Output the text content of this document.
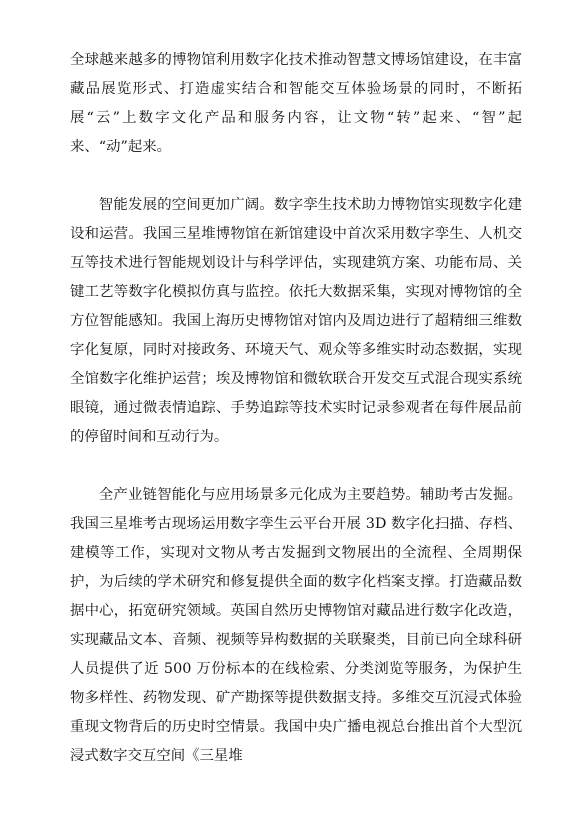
全球越来越多的博物馆利用数字化技术推动智慧文博场馆建设，在丰富藏品展览形式、打造虚实结合和智能交互体验场景的同时，不断拓展“云”上数字文化产品和服务内容，让文物“转”起来、“智”起来、“动”起来。

智能发展的空间更加广阔。数字孪生技术助力博物馆实现数字化建设和运营。我国三星堆博物馆在新馆建设中首次采用数字孪生、人机交互等技术进行智能规划设计与科学评估，实现建筑方案、功能布局、关键工艺等数字化模拟仿真与监控。依托大数据采集，实现对博物馆的全方位智能感知。我国上海历史博物馆对馆内及周边进行了超精细三维数字化复原，同时对接政务、环境天气、观众等多维实时动态数据，实现全馆数字化维护运营；埃及博物馆和微软联合开发交互式混合现实系统眼镜，通过微表情追踪、手势追踪等技术实时记录参观者在每件展品前的停留时间和互动行为。

全产业链智能化与应用场景多元化成为主要趋势。辅助考古发掘。我国三星堆考古现场运用数字孪生云平台开展 3D 数字化扫描、存档、建模等工作，实现对文物从考古发掘到文物展出的全流程、全周期保护，为后续的学术研究和修复提供全面的数字化档案支撑。打造藏品数据中心，拓宽研究领域。英国自然历史博物馆对藏品进行数字化改造，实现藏品文本、音频、视频等异构数据的关联聚类，目前已向全球科研人员提供了近 500 万份标本的在线检索、分类浏览等服务，为保护生物多样性、药物发现、矿产勘探等提供数据支持。多维交互沉浸式体验重现文物背后的历史时空情景。我国中央广播电视总台推出首个大型沉浸式数字交互空间《三星堆
